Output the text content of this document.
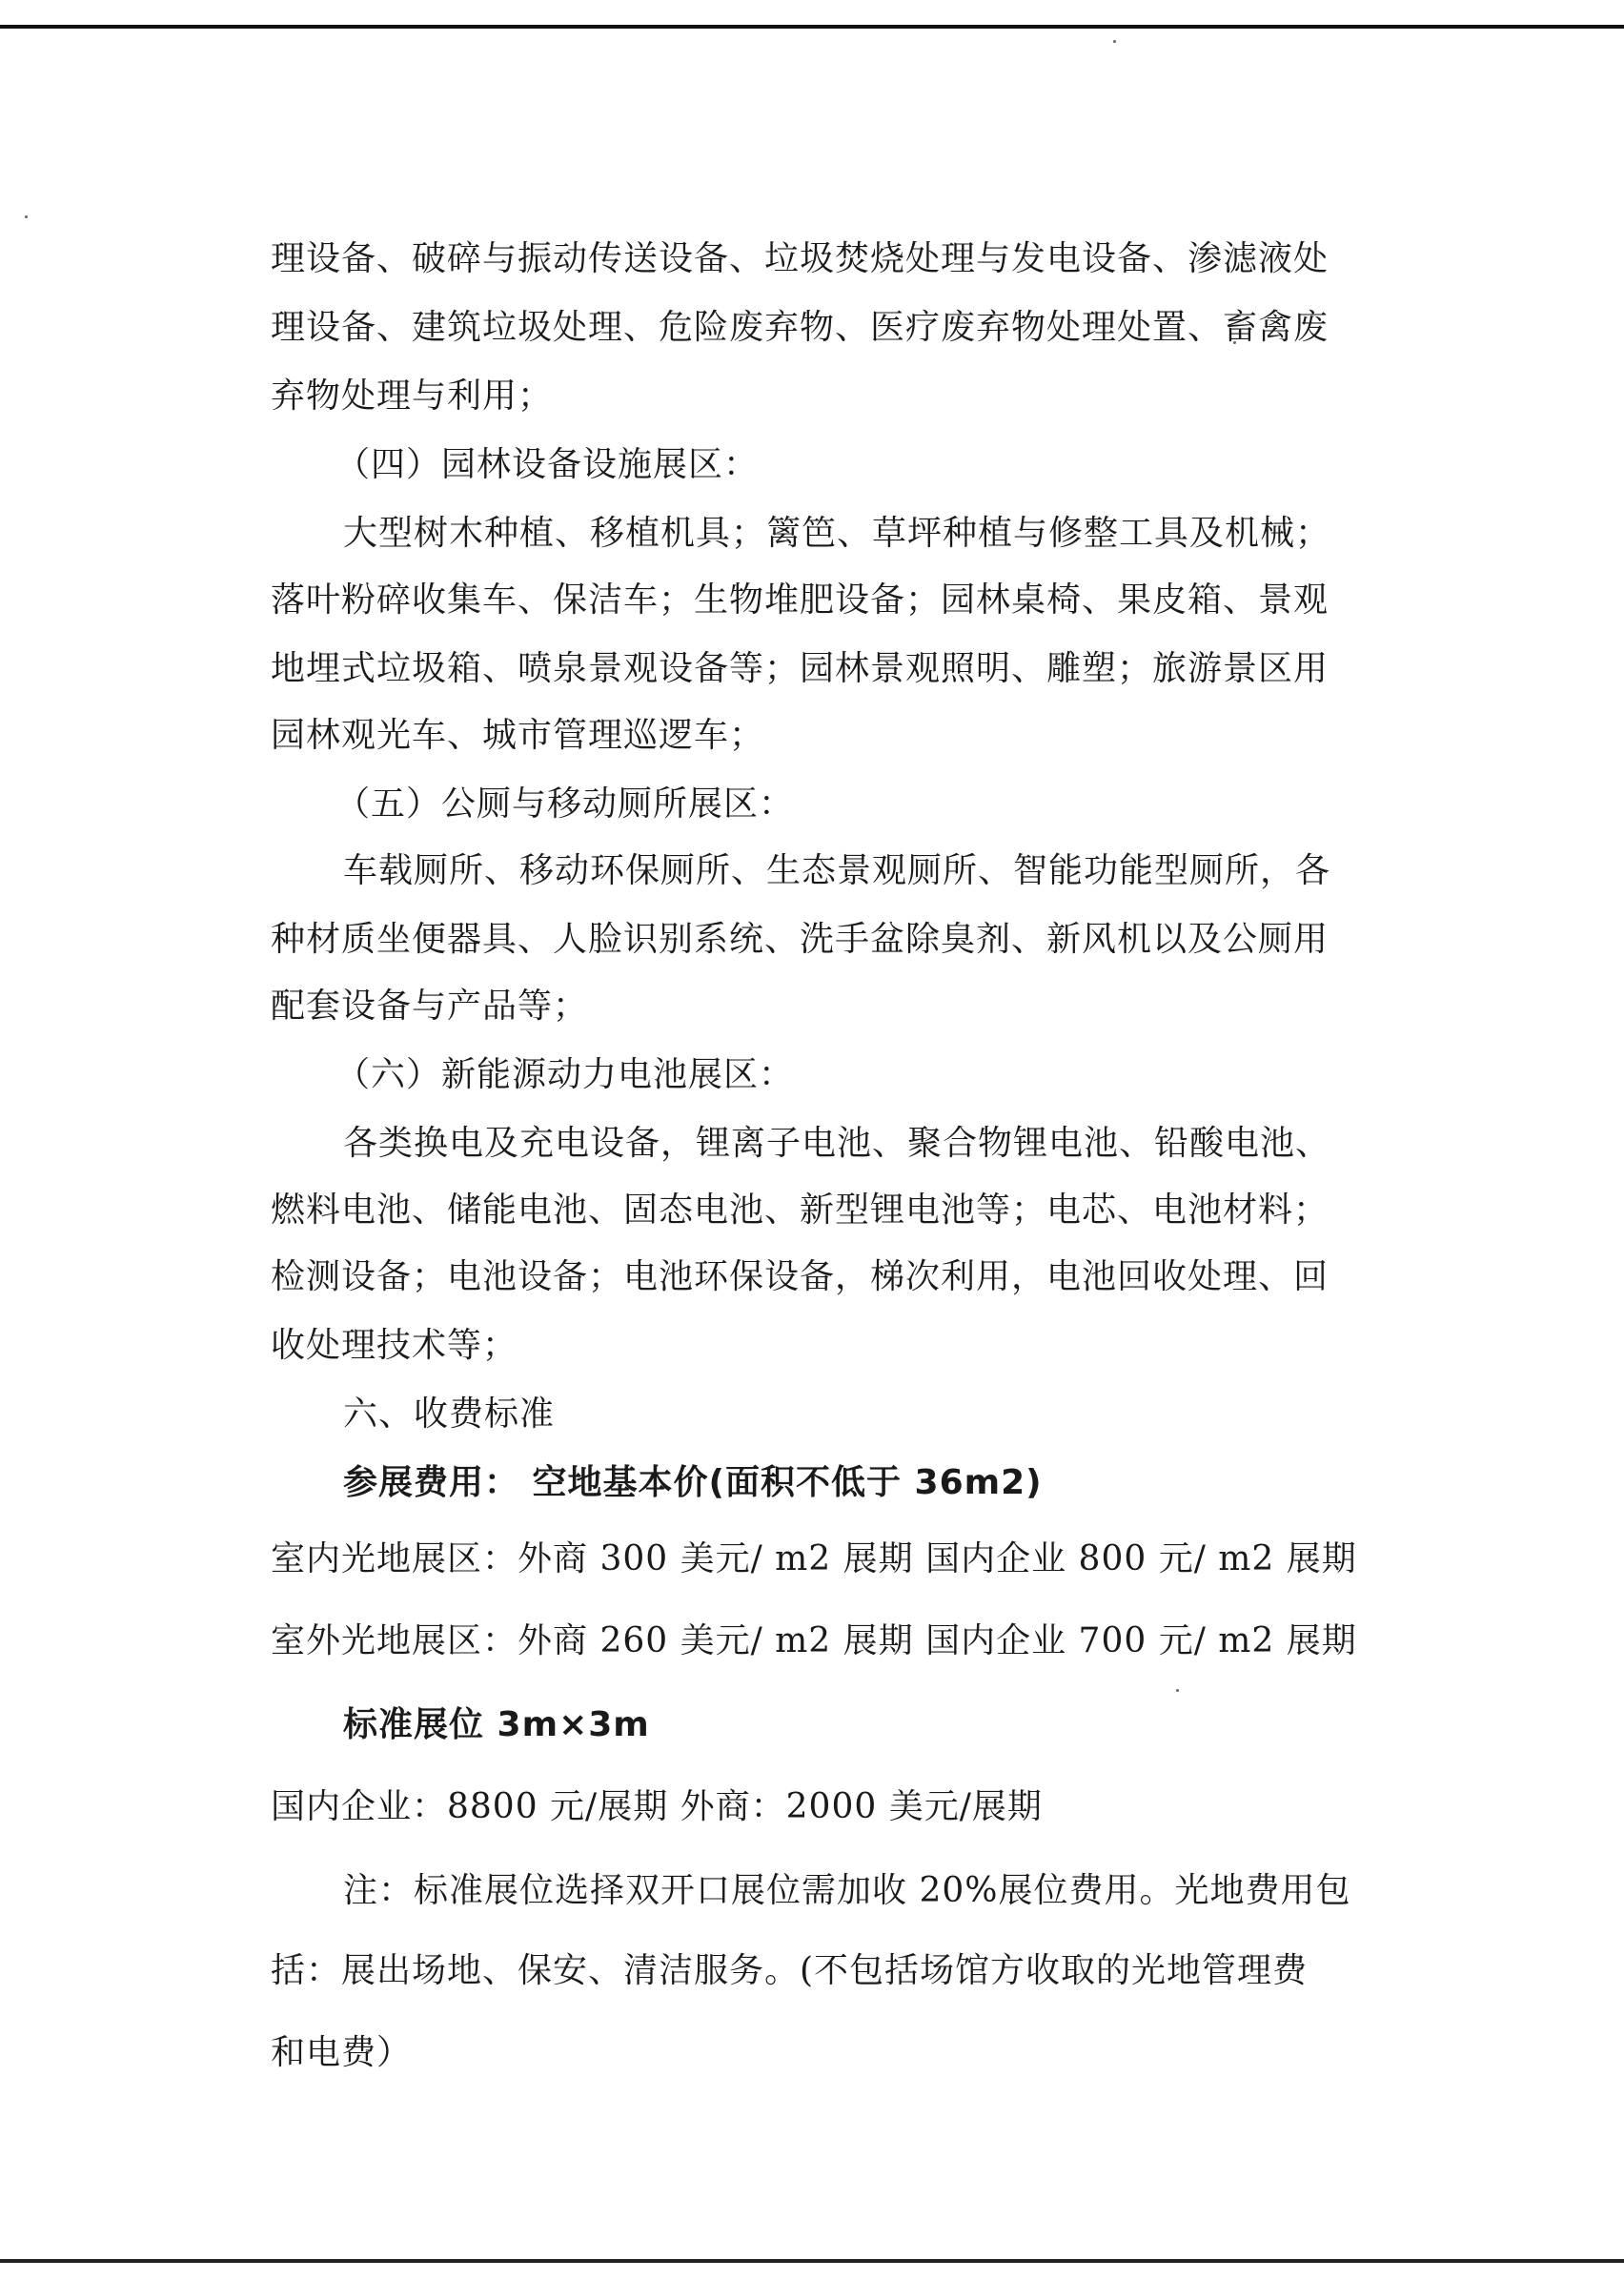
理设备、破碎与振动传送设备、垃圾焚烧处理与发电设备、渗滤液处
理设备、建筑垃圾处理、危险废弃物、医疗废弃物处理处置、畜禽废
弃物处理与利用；
（四）园林设备设施展区：
大型树木种植、移植机具；篱笆、草坪种植与修整工具及机械；
落叶粉碎收集车、保洁车；生物堆肥设备；园林桌椅、果皮箱、景观
地埋式垃圾箱、喷泉景观设备等；园林景观照明、雕塑；旅游景区用
园林观光车、城市管理巡逻车；
（五）公厕与移动厕所展区：
车载厕所、移动环保厕所、生态景观厕所、智能功能型厕所，各
种材质坐便器具、人脸识别系统、洗手盆除臭剂、新风机以及公厕用
配套设备与产品等；
（六）新能源动力电池展区：
各类换电及充电设备，锂离子电池、聚合物锂电池、铅酸电池、
燃料电池、储能电池、固态电池、新型锂电池等；电芯、电池材料；
检测设备；电池设备；电池环保设备，梯次利用，电池回收处理、回
收处理技术等；
六、收费标准
参展费用： 空地基本价(面积不低于 36m2)
室内光地展区：外商 300 美元/ m2 展期 国内企业 800 元/ m2 展期
室外光地展区：外商 260 美元/ m2 展期 国内企业 700 元/ m2 展期
标准展位 3m×3m
国内企业：8800 元/展期 外商：2000 美元/展期
注：标准展位选择双开口展位需加收 20%展位费用。光地费用包
括：展出场地、保安、清洁服务。(不包括场馆方收取的光地管理费
和电费）
